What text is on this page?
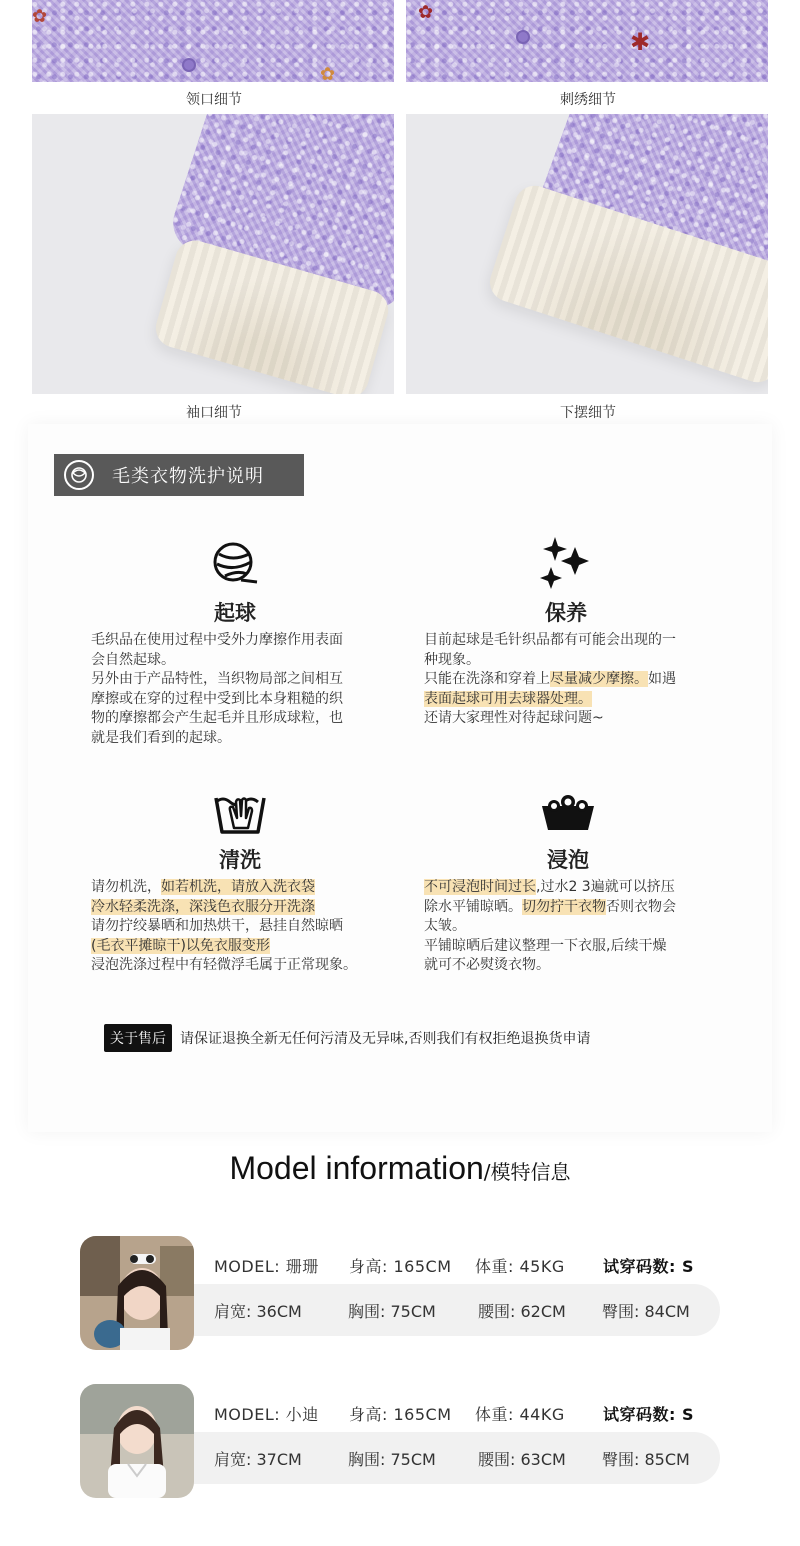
✿
✿
✱
✿
领口细节	刺绣细节
袖口细节	下摆细节
毛类衣物洗护说明
起球
毛织品在使用过程中受外力摩擦作用表面
会自然起球。
另外由于产品特性，当织物局部之间相互
摩擦或在穿的过程中受到比本身粗糙的织
物的摩擦都会产生起毛并且形成球粒，也
就是我们看到的起球。
保养
目前起球是毛针织品都有可能会出现的一
种现象。
只能在洗涤和穿着上尽量减少摩擦。如遇
表面起球可用去球器处理。
还请大家理性对待起球问题~
清洗
请勿机洗，如若机洗，请放入洗衣袋
冷水轻柔洗涤，深浅色衣服分开洗涤
请勿拧绞暴晒和加热烘干，悬挂自然晾晒
(毛衣平摊晾干)以免衣服变形
浸泡洗涤过程中有轻微浮毛属于正常现象。
浸泡
不可浸泡时间过长,过水2 3遍就可以挤压
除水平铺晾晒。切勿拧干衣物否则衣物会
太皱。
平铺晾晒后建议整理一下衣服,后续干燥
就可不必熨烫衣物。
关于售后	请保证退换全新无任何污清及无异味,否则我们有权拒绝退换货申请
Model information/模特信息
MODEL: 珊珊	身高: 165CM	体重: 45KG	试穿码数: S
肩宽: 36CM	胸围: 75CM	腰围: 62CM	臀围: 84CM
MODEL: 小迪	身高: 165CM	体重: 44KG	试穿码数: S
肩宽: 37CM	胸围: 75CM	腰围: 63CM	臀围: 85CM
